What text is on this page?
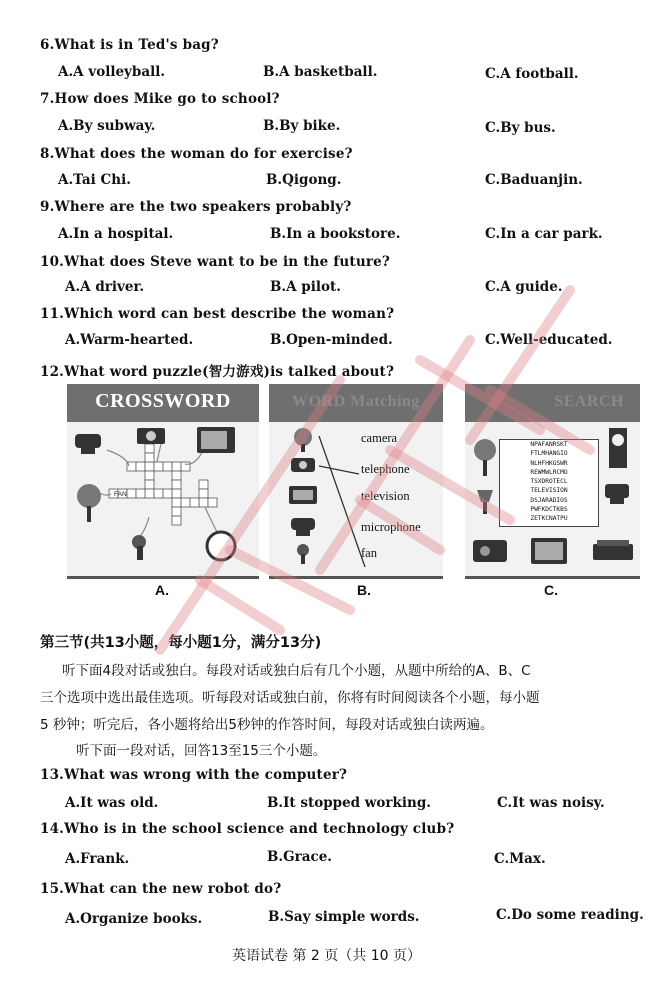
6.What is in Ted's bag?
A.A volleyball.	B.A basketball.	C.A football.
7.How does Mike go to school?
A.By subway.	B.By bike.	C.By bus.
8.What does the woman do for exercise?
A.Tai Chi.	B.Qigong.	C.Baduanjin.
9.Where are the two speakers probably?
A.In a hospital.	B.In a bookstore.	C.In a car park.
10.What does Steve want to be in the future?
A.A driver.	B.A pilot.	C.A guide.
11.Which word can best describe the woman?
A.Warm-hearted.	B.Open-minded.	C.Well-educated.
12.What word puzzle(智力游戏)is talked about?
CROSSWORD
FAN
WORD Matching
camera
telephone
television
microphone
fan
SEARCH
NPAFANRSKT
FTLMHANGIO
NLHFHKGSWR
REWMWLRCMO
TSXDROTECL
TELEVISION
DSJARADIOS
PWFKDCTKBS
ZETKCNATPU
A.	B.	C.
第三节(共13小题，每小题1分，满分13分)
听下面4段对话或独白。每段对话或独白后有几个小题，从题中所给的A、B、C
三个选项中选出最佳选项。听每段对话或独白前，你将有时间阅读各个小题，每小题
5 秒钟；听完后，各小题将给出5秒钟的作答时间，每段对话或独白读两遍。
听下面一段对话，回答13至15三个小题。
13.What was wrong with the computer?
A.It was old.	B.It stopped working.	C.It was noisy.
14.Who is in the school science and technology club?
A.Frank.	B.Grace.	C.Max.
15.What can the new robot do?
A.Organize books.	B.Say simple words.	C.Do some reading.
英语试卷 第 2 页（共 10 页）
